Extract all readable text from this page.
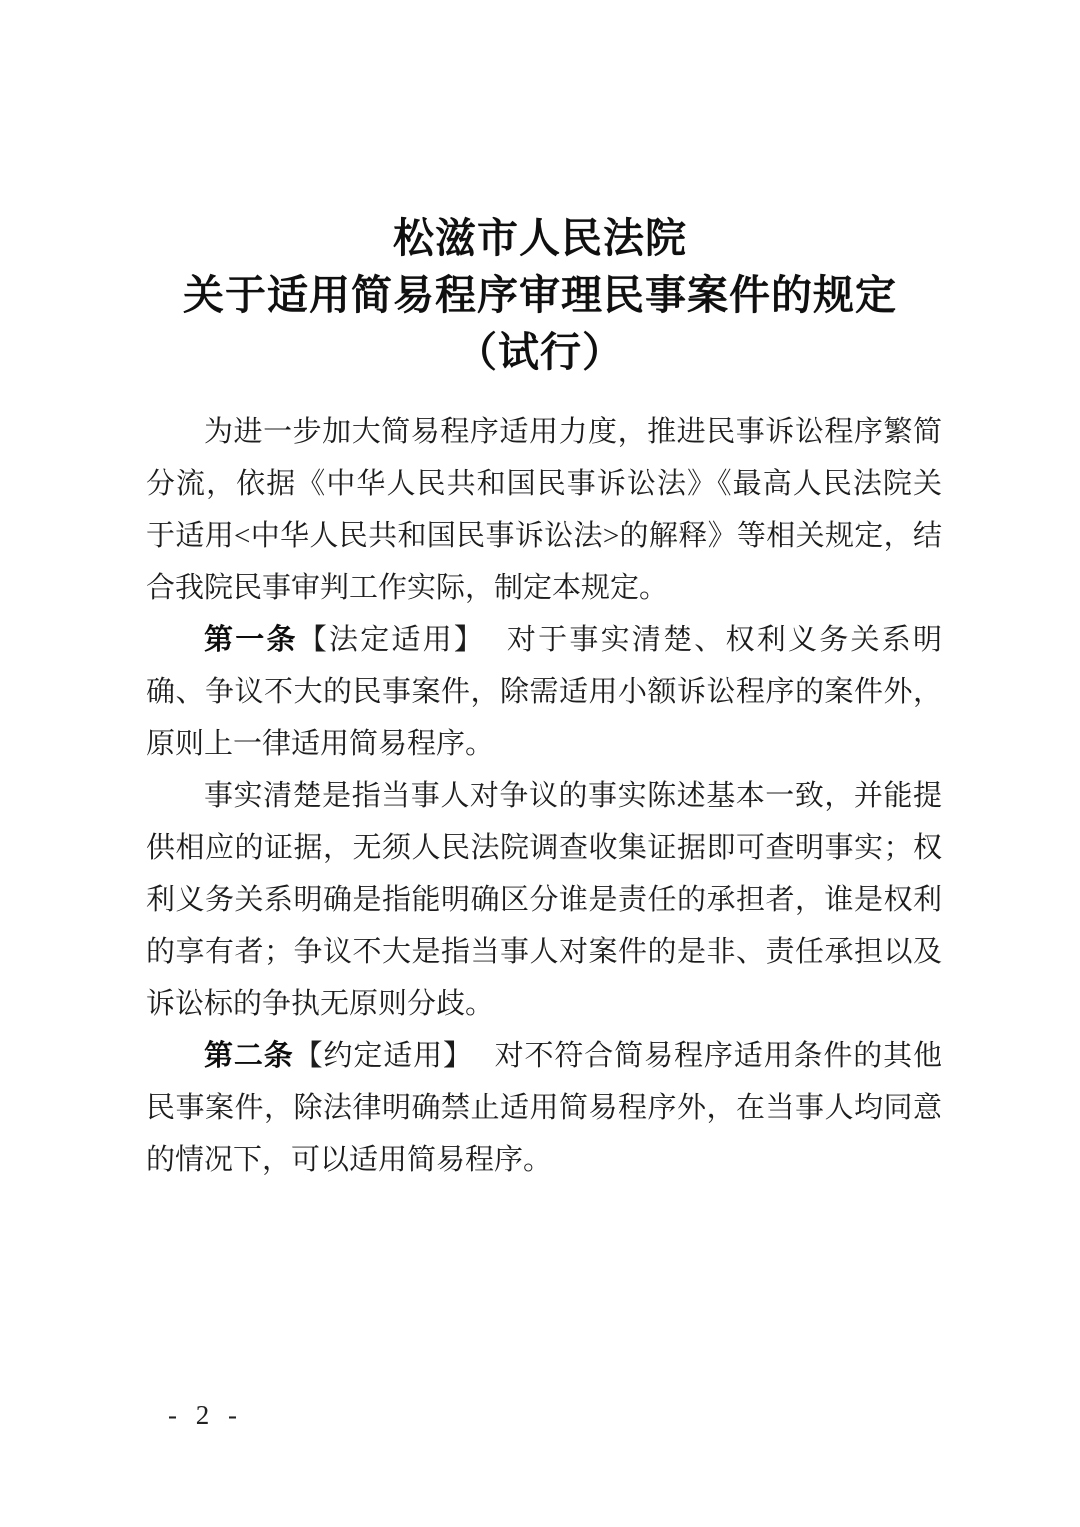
松滋市人民法院
关于适用简易程序审理民事案件的规定
（试行）

为进一步加大简易程序适用力度，推进民事诉讼程序繁简分流，依据《中华人民共和国民事诉讼法》《最高人民法院关于适用<中华人民共和国民事诉讼法>的解释》等相关规定，结合我院民事审判工作实际，制定本规定。

第一条【法定适用】 对于事实清楚、权利义务关系明确、争议不大的民事案件，除需适用小额诉讼程序的案件外，原则上一律适用简易程序。

事实清楚是指当事人对争议的事实陈述基本一致，并能提供相应的证据，无须人民法院调查收集证据即可查明事实；权利义务关系明确是指能明确区分谁是责任的承担者，谁是权利的享有者；争议不大是指当事人对案件的是非、责任承担以及诉讼标的争执无原则分歧。

第二条【约定适用】 对不符合简易程序适用条件的其他民事案件，除法律明确禁止适用简易程序外，在当事人均同意的情况下，可以适用简易程序。

- 2 -
